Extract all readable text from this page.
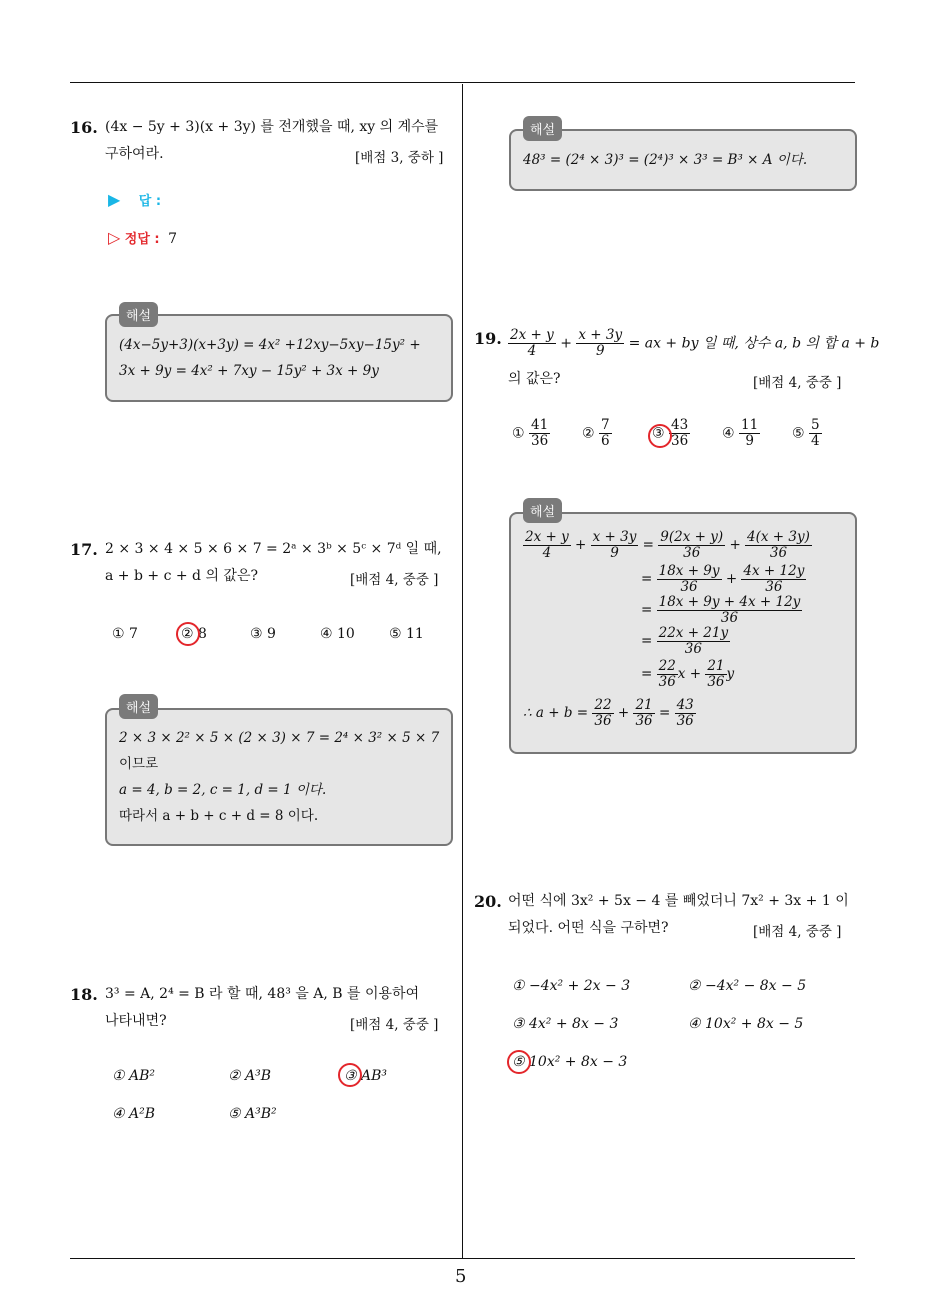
5
16. (4x − 5y + 3)(x + 3y) 를 전개했을 때, xy 의 계수를
구하여라.	[배점 3, 중하 ]
▶ 답 :
▷ 정답 : 7
해설
(4x−5y+3)(x+3y) = 4x² +12xy−5xy−15y² +
3x + 9y = 4x² + 7xy − 15y² + 3x + 9y
17. 2 × 3 × 4 × 5 × 6 × 7 = 2ᵃ × 3ᵇ × 5ᶜ × 7ᵈ 일 때,
a + b + c + d 의 값은?	[배점 4, 중중 ]
① 7	② 8	③ 9	④ 10 ⑤ 11
해설
2 × 3 × 2² × 5 × (2 × 3) × 7 = 2⁴ × 3² × 5 × 7
이므로
a = 4, b = 2, c = 1, d = 1 이다.
따라서 a + b + c + d = 8 이다.
18. 3³ = A, 2⁴ = B 라 할 때, 48³ 을 A, B 를 이용하여
나타내면?	[배점 4, 중중 ]
① AB²	② A³B	③ AB³
④ A²B	⑤ A³B²
해설
48³ = (2⁴ × 3)³ = (2⁴)³ × 3³ = B³ × A 이다.
19. $\frac{2x + y}{4} + \frac{x + 3y}{9}$ = ax + by 일 때, 상수 a, b 의 합 a + b
의 값은?	[배점 4, 중중 ]
① $\frac{41}{36}$ ② $\frac{7}{6}$	③ $\frac{43}{36}$ ④ $\frac{11}{9}$ ⑤ $\frac{5}{4}$
해설
$\frac{2x + y}{4} + \frac{x + 3y}{9} = \frac{9(2x + y)}{36} + \frac{4(x + 3y)}{36}$
= $\frac{18x + 9y}{36} + \frac{4x + 12y}{36}$
= $\frac{18x + 9y + 4x + 12y}{36}$
= $\frac{22x + 21y}{36}$
= $\frac{22}{36}$ $x + \frac{21}{36}$ y
∴ $a + b = \frac{22}{36} + \frac{21}{36} = \frac{43}{36}$
20. 어떤 식에 3x² + 5x − 4 를 빼었더니 7x² + 3x + 1 이
되었다. 어떤 식을 구하면?	[배점 4, 중중 ]
① −4x² + 2x − 3	② −4x² − 8x − 5
③ 4x² + 8x − 3	④ 10x² + 8x − 5
⑤ 10x² + 8x − 3
